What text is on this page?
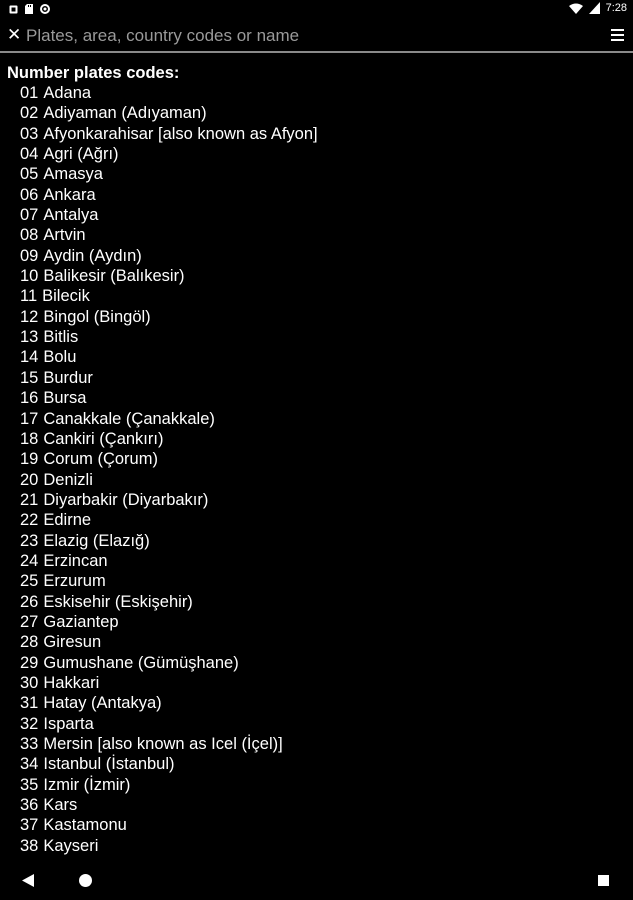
7:28
✕
Plates, area, country codes or name
Number plates codes:
01 Adana
02 Adiyaman (Adıyaman)
03 Afyonkarahisar [also known as Afyon]
04 Agri (Ağrı)
05 Amasya
06 Ankara
07 Antalya
08 Artvin
09 Aydin (Aydın)
10 Balikesir (Balıkesir)
11 Bilecik
12 Bingol (Bingöl)
13 Bitlis
14 Bolu
15 Burdur
16 Bursa
17 Canakkale (Çanakkale)
18 Cankiri (Çankırı)
19 Corum (Çorum)
20 Denizli
21 Diyarbakir (Diyarbakır)
22 Edirne
23 Elazig (Elazığ)
24 Erzincan
25 Erzurum
26 Eskisehir (Eskişehir)
27 Gaziantep
28 Giresun
29 Gumushane (Gümüşhane)
30 Hakkari
31 Hatay (Antakya)
32 Isparta
33 Mersin [also known as Icel (İçel)]
34 Istanbul (İstanbul)
35 Izmir (İzmir)
36 Kars
37 Kastamonu
38 Kayseri
